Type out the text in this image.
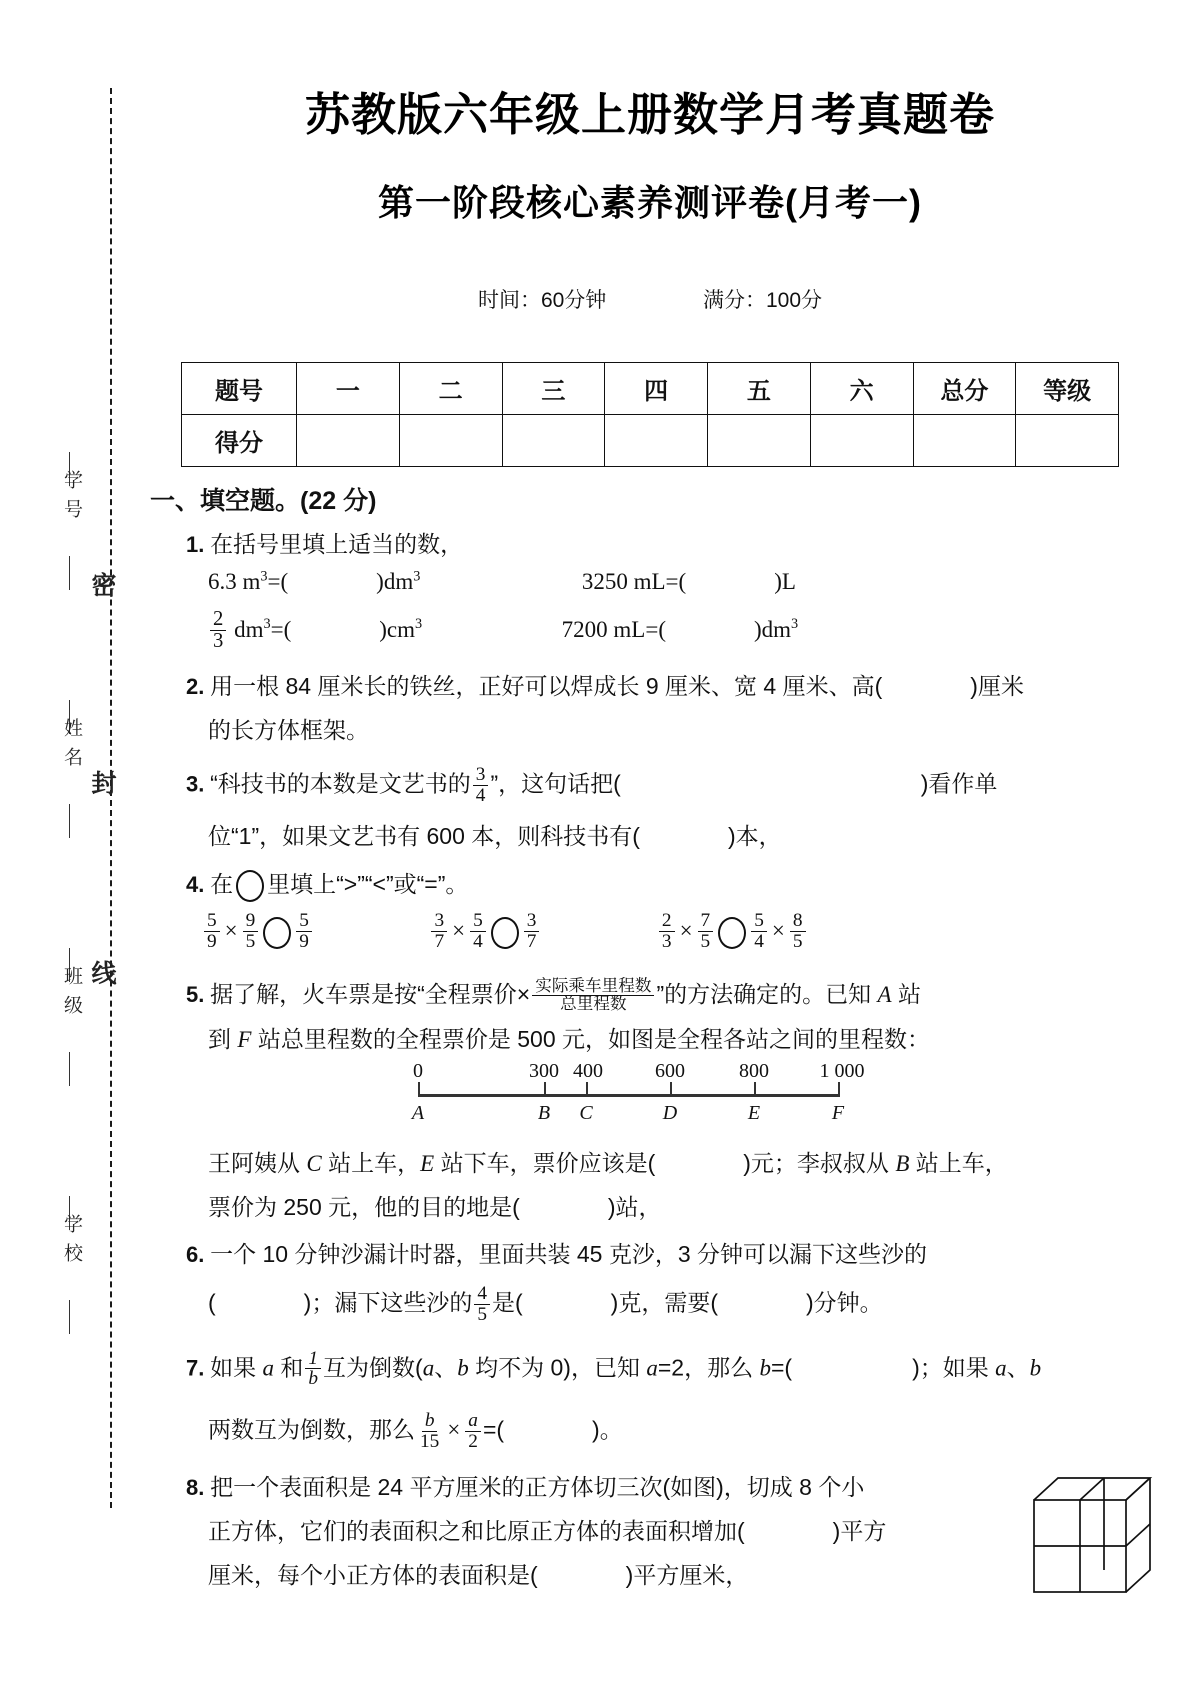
学号
姓名
班级
学校
密
封
线
苏教版六年级上册数学月考真题卷
第一阶段核心素养测评卷(月考一)
时间：60分钟	满分：100分
题号	一	二	三	四	五	六	总分	等级
得分								
一、填空题。(22 分)
1. 在括号里填上适当的数，
6.3 $m^3=$(	)$dm^3$	3250 mL=(	)L
$\frac{2}{3} dm^3=$(	)$cm^3$	7200 mL=(	)$dm^3$
2. 用一根 84 厘米长的铁丝，正好可以焊成长 9 厘米、宽 4 厘米、高(	)厘米
的长方体框架。
3. “科技书的本数是文艺书的 $\frac{3}{4}$ ”，这句话把(	)看作单
位“1”，如果文艺书有 600 本，则科技书有(	)本，
4. 在 里填上“>”“<”或“=”。
$\frac{5}{9} \times \frac{9}{5} \frac{5}{9}$
	$\frac{3}{7} \times \frac{5}{4} \frac{3}{7}$
	$\frac{2}{3} \times \frac{7}{5} \frac{5}{4} \times \frac{8}{5}$
5. 据了解，火车票是按“全程票价× $\frac{\text{实际乘车里程数}}{\text{总里程数}}$ ”的方法确定的。已知 A 站
到 F 站总里程数的全程票价是 500 元，如图是全程各站之间的里程数：
0
A
300
B
400
C
600
D
800
E
1 000
F
王阿姨从 C 站上车，E 站下车，票价应该是(	)元；李叔叔从 B 站上车，
票价为 250 元，他的目的地是(	)站，
6. 一个 10 分钟沙漏计时器，里面共装 45 克沙，3 分钟可以漏下这些沙的
(	)；漏下这些沙的 $\frac{4}{5}$ 是(	)克，需要(	)分钟。
7. 如果 a 和 $\frac{1}{b}$ 互为倒数(a、b 均不为 0)，已知 a=2，那么 b=(	)；如果 a、b
两数互为倒数，那么 $\frac{b}{15} \times \frac{a}{2}$ =(	)。
8. 把一个表面积是 24 平方厘米的正方体切三次(如图)，切成 8 个小
正方体，它们的表面积之和比原正方体的表面积增加(	)平方
厘米，每个小正方体的表面积是(	)平方厘米，
